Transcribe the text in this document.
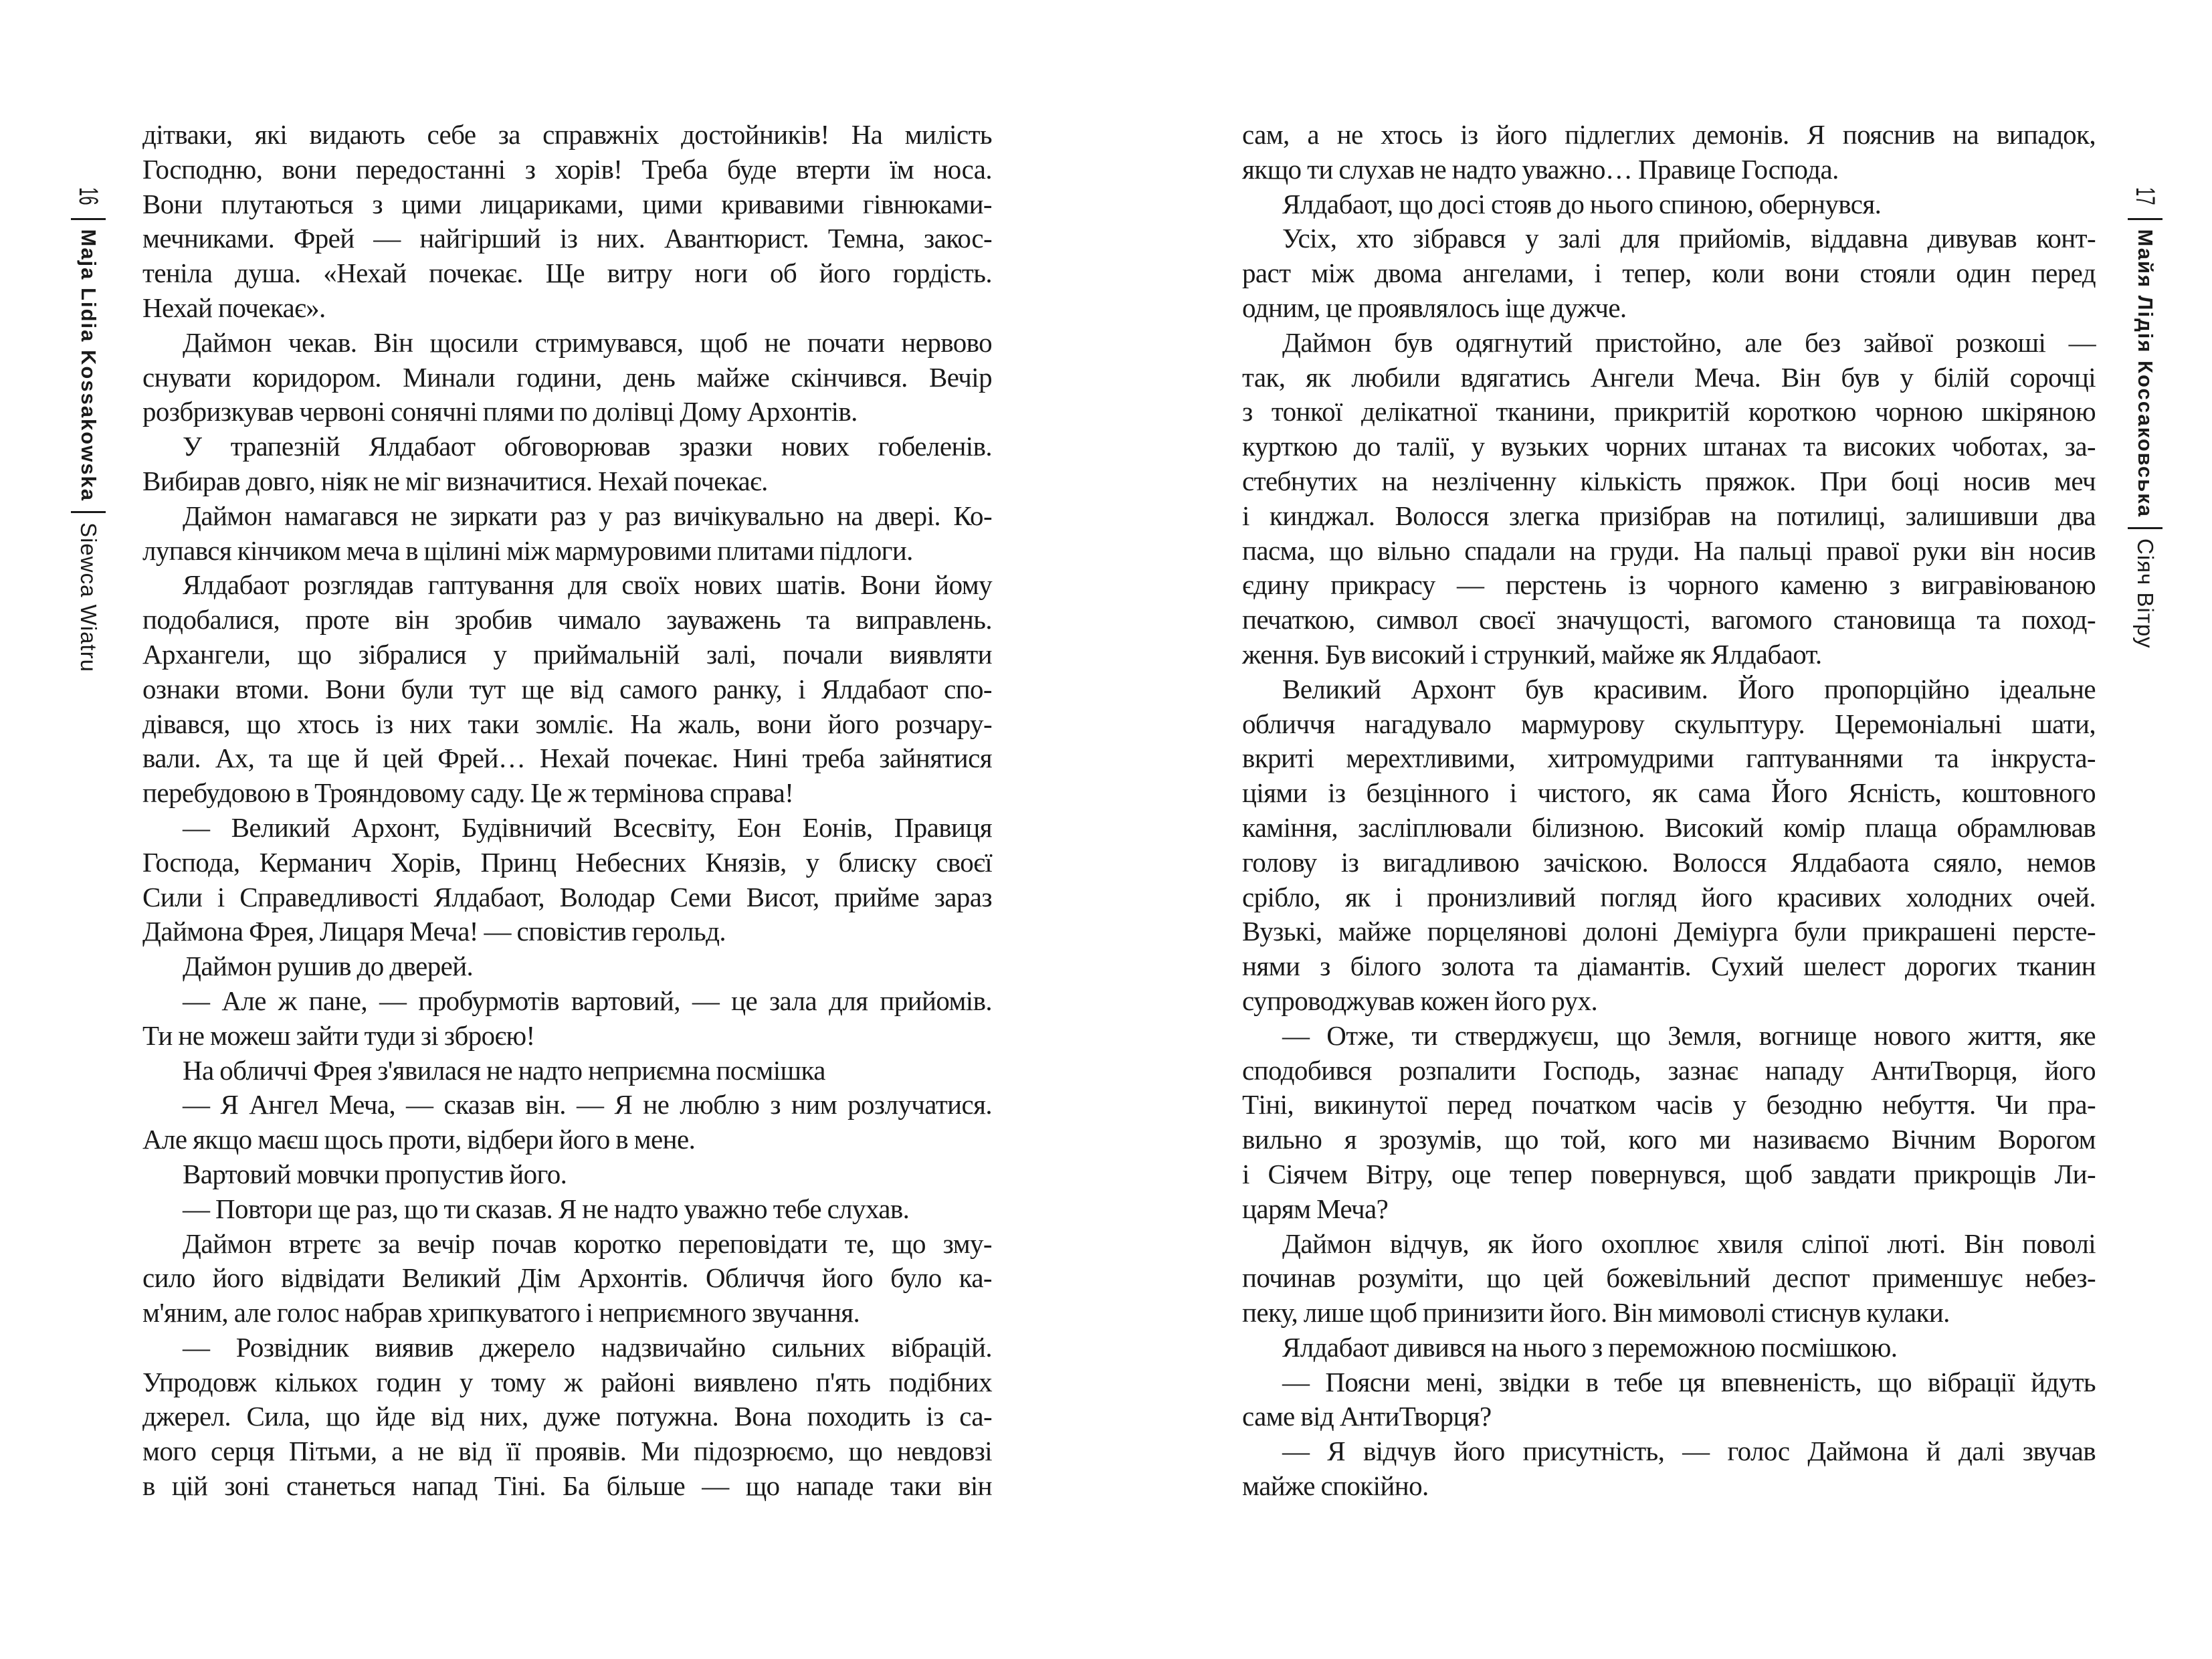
16
Maja Lidia Kossakowska
Siewca Wiatru
дітваки, які видають себе за справжніх достойників! На милість
Господню, вони передостанні з хорів! Треба буде втерти їм носа.
Вони плутаються з цими лицариками, цими кривавими гівнюками-
мечниками. Фрей — найгірший із них. Авантюрист. Темна, закос-
теніла душа. «Нехай почекає. Ще витру ноги об його гордість.
Нехай почекає».
Даймон чекав. Він щосили стримувався, щоб не почати нервово
снувати коридором. Минали години, день майже скінчився. Вечір
розбризкував червоні сонячні плями по долівці Дому Архонтів.
У трапезній Ялдабаот обговорював зразки нових гобеленів.
Вибирав довго, ніяк не міг визначитися. Нехай почекає.
Даймон намагався не зиркати раз у раз вичікувально на двері. Ко-
лупався кінчиком меча в щілині між мармуровими плитами підлоги.
Ялдабаот розглядав гаптування для своїх нових шатів. Вони йому
подобалися, проте він зробив чимало зауважень та виправлень.
Архангели, що зібралися у приймальній залі, почали виявляти
ознаки втоми. Вони були тут ще від самого ранку, і Ялдабаот спо-
дівався, що хтось із них таки зомліє. На жаль, вони його розчару-
вали. Ах, та ще й цей Фрей… Нехай почекає. Нині треба зайнятися
перебудовою в Трояндовому саду. Це ж термінова справа!
— Великий Архонт, Будівничий Всесвіту, Еон Еонів, Правиця
Господа, Керманич Хорів, Принц Небесних Князів, у блиску своєї
Сили і Справедливості Ялдабаот, Володар Семи Висот, прийме зараз
Даймона Фрея, Лицаря Меча! — сповістив герольд.
Даймон рушив до дверей.
— Але ж пане, — пробурмотів вартовий, — це зала для прийомів.
Ти не можеш зайти туди зі зброєю!
На обличчі Фрея з'явилася не надто неприємна посмішка
— Я Ангел Меча, — сказав він. — Я не люблю з ним розлучатися.
Але якщо маєш щось проти, відбери його в мене.
Вартовий мовчки пропустив його.
— Повтори ще раз, що ти сказав. Я не надто уважно тебе слухав.
Даймон втретє за вечір почав коротко переповідати те, що зму-
сило його відвідати Великий Дім Архонтів. Обличчя його було ка-
м'яним, але голос набрав хрипкуватого і неприємного звучання.
— Розвідник виявив джерело надзвичайно сильних вібрацій.
Упродовж кількох годин у тому ж районі виявлено п'ять подібних
джерел. Сила, що йде від них, дуже потужна. Вона походить із са-
мого серця Пітьми, а не від її проявів. Ми підозрюємо, що невдовзі
в цій зоні станеться напад Тіні. Ба більше — що нападе таки він
17
Майя Лідія Коссаковська
Сіяч Вітру
сам, а не хтось із його підлеглих демонів. Я пояснив на випадок,
якщо ти слухав не надто уважно… Правице Господа.
Ялдабаот, що досі стояв до нього спиною, обернувся.
Усіх, хто зібрався у залі для прийомів, віддавна дивував конт-
раст між двома ангелами, і тепер, коли вони стояли один перед
одним, це проявлялось іще дужче.
Даймон був одягнутий пристойно, але без зайвої розкоші —
так, як любили вдягатись Ангели Меча. Він був у білій сорочці
з тонкої делікатної тканини, прикритій короткою чорною шкіряною
курткою до талії, у вузьких чорних штанах та високих чоботах, за-
стебнутих на незліченну кількість пряжок. При боці носив меч
і кинджал. Волосся злегка призібрав на потилиці, залишивши два
пасма, що вільно спадали на груди. На пальці правої руки він носив
єдину прикрасу — перстень із чорного каменю з вигравіюваною
печаткою, символ своєї значущості, вагомого становища та поход-
ження. Був високий і стрункий, майже як Ялдабаот.
Великий Архонт був красивим. Його пропорційно ідеальне
обличчя нагадувало мармурову скульптуру. Церемоніальні шати,
вкриті мерехтливими, хитромудрими гаптуваннями та інкруста-
ціями із безцінного і чистого, як сама Його Ясність, коштовного
каміння, засліплювали білизною. Високий комір плаща обрамлював
голову із вигадливою зачіскою. Волосся Ялдабаота сяяло, немов
срібло, як і пронизливий погляд його красивих холодних очей.
Вузькі, майже порцелянові долоні Деміурга були прикрашені персте-
нями з білого золота та діамантів. Сухий шелест дорогих тканин
супроводжував кожен його рух.
— Отже, ти стверджуєш, що Земля, вогнище нового життя, яке
сподобився розпалити Господь, зазнає нападу АнтиТворця, його
Тіні, викинутої перед початком часів у безодню небуття. Чи пра-
вильно я зрозумів, що той, кого ми називаємо Вічним Ворогом
і Сіячем Вітру, оце тепер повернувся, щоб завдати прикрощів Ли-
царям Меча?
Даймон відчув, як його охоплює хвиля сліпої люті. Він поволі
починав розуміти, що цей божевільний деспот применшує небез-
пеку, лише щоб принизити його. Він мимоволі стиснув кулаки.
Ялдабаот дивився на нього з переможною посмішкою.
— Поясни мені, звідки в тебе ця впевненість, що вібрації йдуть
саме від АнтиТворця?
— Я відчув його присутність, — голос Даймона й далі звучав
майже спокійно.
